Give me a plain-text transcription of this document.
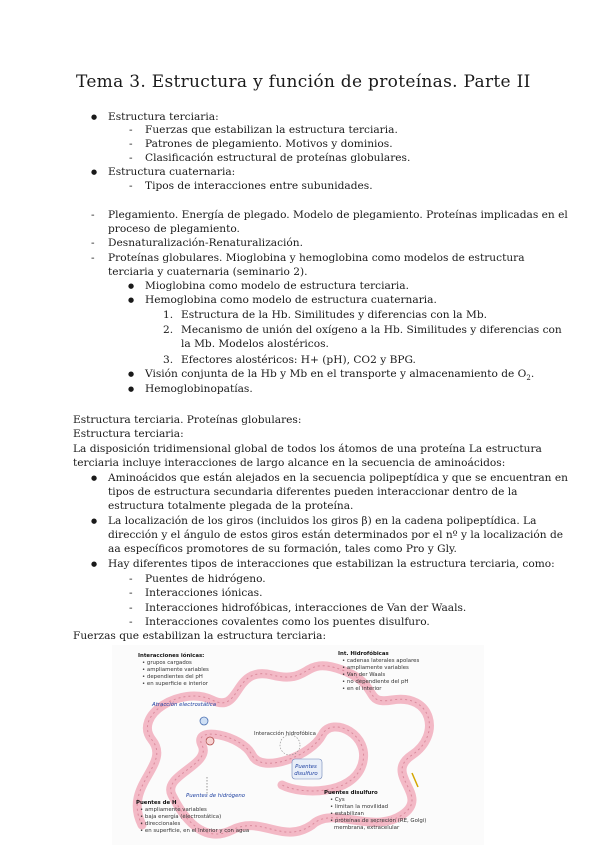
Tema 3. Estructura y función de proteínas. Parte II
●
Estructura terciaria:
- Fuerzas que estabilizan la estructura terciaria.
- Patrones de plegamiento. Motivos y dominios.
- Clasificación estructural de proteínas globulares.
●
Estructura cuaternaria:
- Tipos de interacciones entre subunidades.
- Plegamiento. Energía de plegado. Modelo de plegamiento. Proteínas implicadas en el
proceso de plegamiento.
- Desnaturalización-Renaturalización.
- Proteínas globulares. Mioglobina y hemoglobina como modelos de estructura
terciaria y cuaternaria (seminario 2).
●
Mioglobina como modelo de estructura terciaria.
●
Hemoglobina como modelo de estructura cuaternaria.
1. Estructura de la Hb. Similitudes y diferencias con la Mb.
2. Mecanismo de unión del oxígeno a la Hb. Similitudes y diferencias con
la Mb. Modelos alostéricos.
3. Efectores alostéricos: H+ (pH), CO2 y BPG.
●
Visión conjunta de la Hb y Mb en el transporte y almacenamiento de $O_2$.
●
Hemoglobinopatías.
Estructura terciaria. Proteínas globulares:
Estructura terciaria:
La disposición tridimensional global de todos los átomos de una proteína La estructura
terciaria incluye interacciones de largo alcance en la secuencia de aminoácidos:
●
Aminoácidos que están alejados en la secuencia polipeptídica y que se encuentran en
tipos de estructura secundaria diferentes pueden interaccionar dentro de la
estructura totalmente plegada de la proteína.
●
La localización de los giros (incluidos los giros β) en la cadena polipeptídica. La
dirección y el ángulo de estos giros están determinados por el nº y la localización de
aa específicos promotores de su formación, tales como Pro y Gly.
●
Hay diferentes tipos de interacciones que estabilizan la estructura terciaria, como:
- Puentes de hidrógeno.
- Interacciones iónicas.
- Interacciones hidrofóbicas, interacciones de Van der Waals.
- Interacciones covalentes como los puentes disulfuro.
Fuerzas que estabilizan la estructura terciaria:
Interacciones iónicas:
• grupos cargados
• ampliamente variables
• dependientes del pH
• en superficie e interior
Int. Hidrofóbicas
• cadenas laterales apolares
• ampliamente variables
• Van der Waals
• no dependiente del pH
• en el interior
Atracción electrostática
Interacción hidrofóbica
Puentes disulfuro
Puentes de hidrógeno
Puentes de H
• ampliamente variables
• baja energía (electrostática)
• direccionales
• en superficie, en el interior y con agua
Puentes disulfuro
• Cys
• limitan la movilidad
• estabilizan
• proteínas de secreción (RE, Golgi)
membrana, extracelular
